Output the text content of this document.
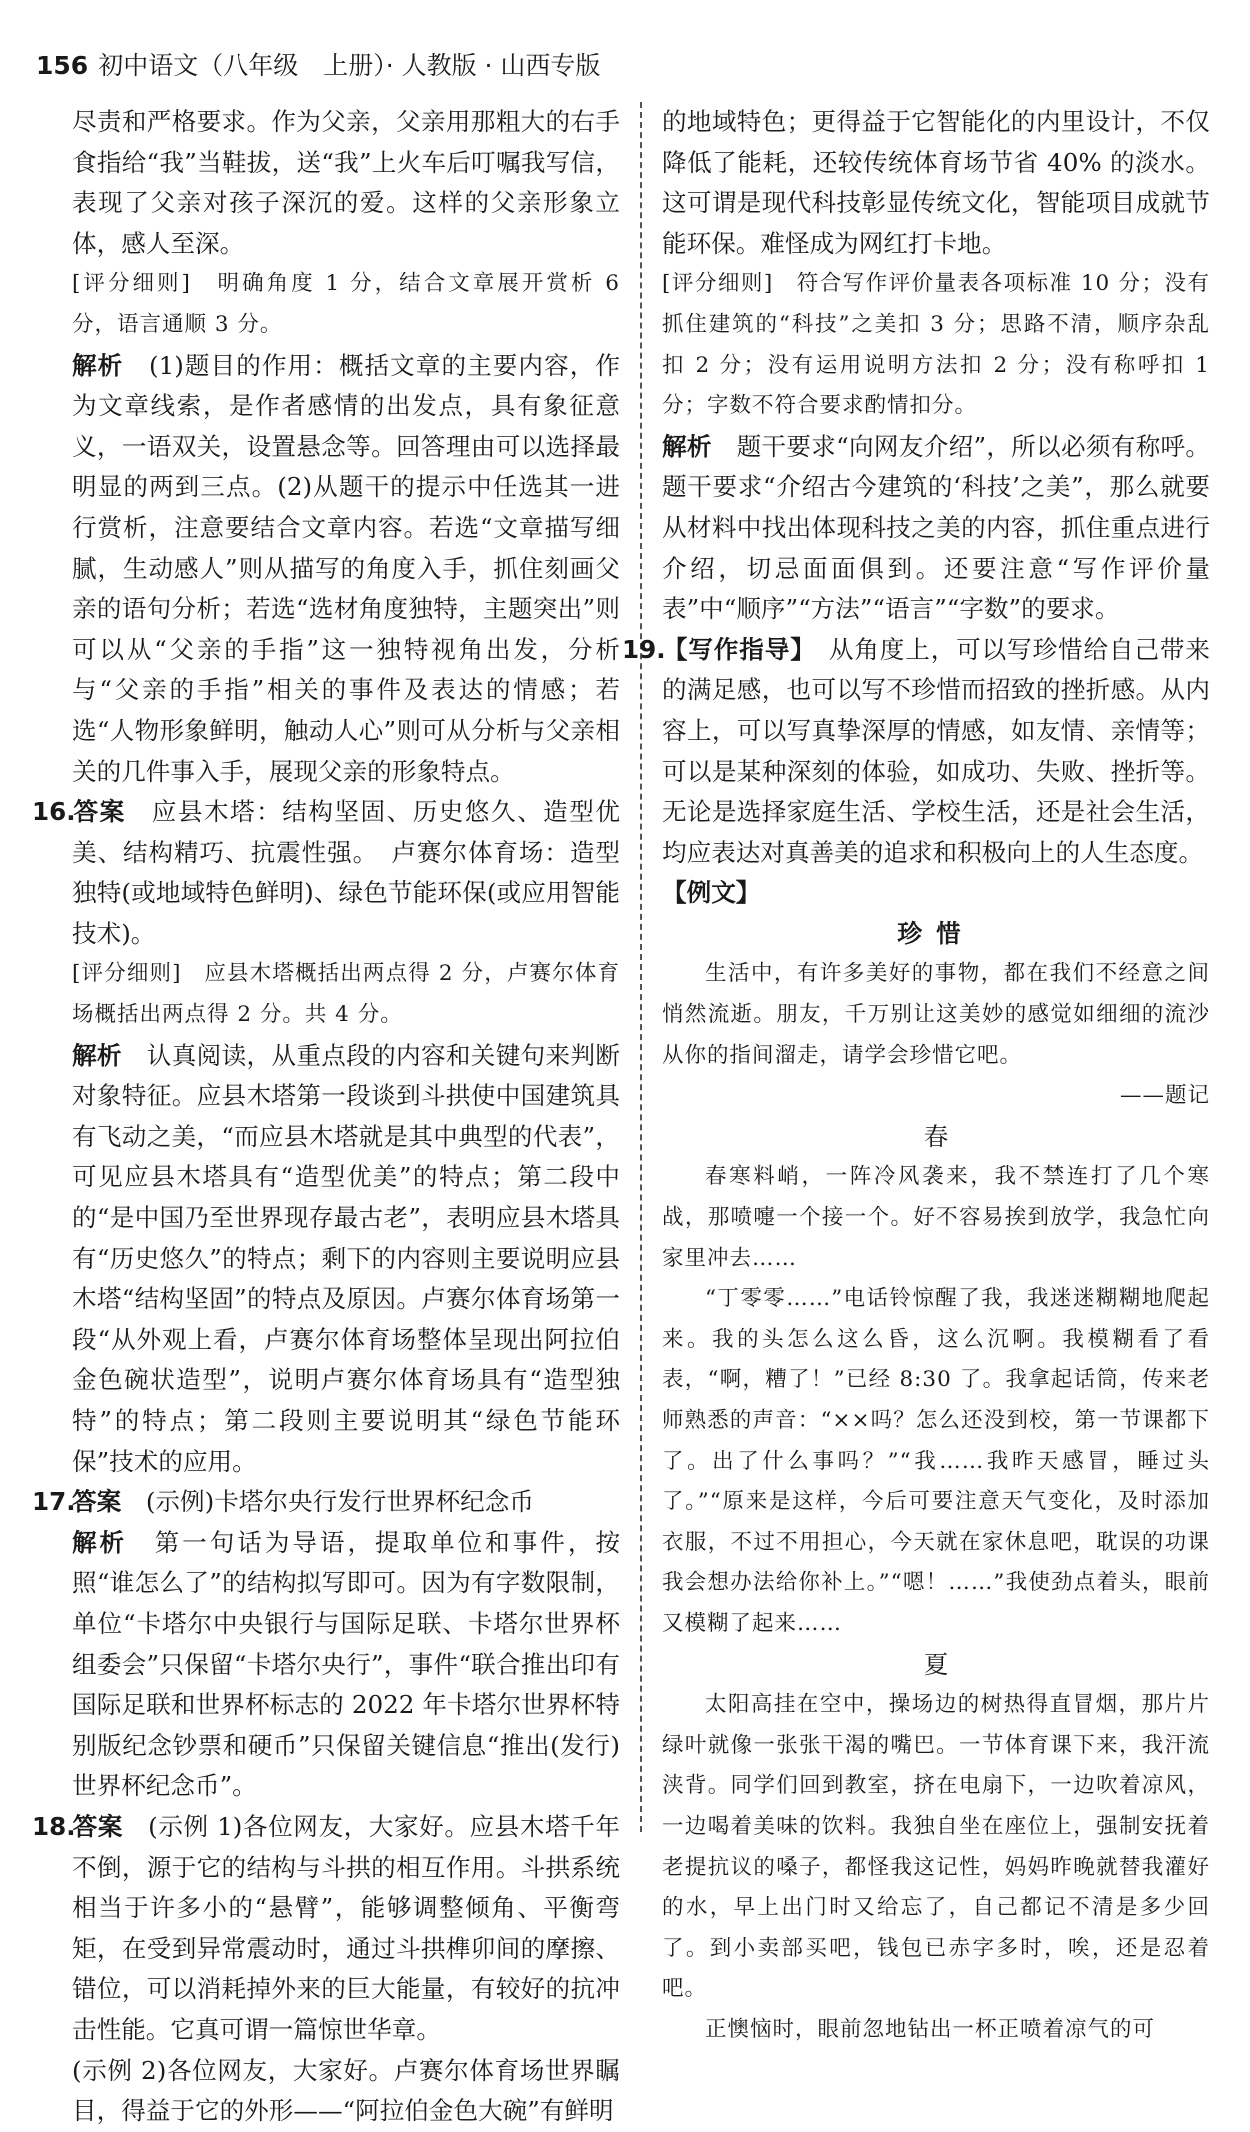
156 初中语文（八年级　上册）· 人教版 · 山西专版
尽责和严格要求。作为父亲，父亲用那粗大的右手食指给“我”当鞋拔，送“我”上火车后叮嘱我写信，表现了父亲对孩子深沉的爱。这样的父亲形象立体，感人至深。
[评分细则]　 明确角度 1 分，结合文章展开赏析 6 分，语言通顺 3 分。
解析　 (1)题目的作用：概括文章的主要内容，作为文章线索，是作者感情的出发点，具有象征意义，一语双关，设置悬念等。回答理由可以选择最明显的两到三点。(2)从题干的提示中任选其一进行赏析，注意要结合文章内容。若选“文章描写细腻，生动感人”则从描写的角度入手，抓住刻画父亲的语句分析；若选“选材角度独特，主题突出”则可以从“父亲的手指”这一独特视角出发，分析与“父亲的手指”相关的事件及表达的情感；若选“人物形象鲜明，触动人心”则可从分析与父亲相关的几件事入手，展现父亲的形象特点。
16.答案　 应县木塔：结构坚固、历史悠久、造型优美、结构精巧、抗震性强。　卢赛尔体育场：造型独特(或地域特色鲜明)、绿色节能环保(或应用智能技术)。
[评分细则]　 应县木塔概括出两点得 2 分，卢赛尔体育场概括出两点得 2 分。共 4 分。
解析　 认真阅读，从重点段的内容和关键句来判断对象特征。应县木塔第一段谈到斗拱使中国建筑具有飞动之美，“而应县木塔就是其中典型的代表”，可见应县木塔具有“造型优美”的特点；第二段中的“是中国乃至世界现存最古老”，表明应县木塔具有“历史悠久”的特点；剩下的内容则主要说明应县木塔“结构坚固”的特点及原因。卢赛尔体育场第一段“从外观上看，卢赛尔体育场整体呈现出阿拉伯金色碗状造型”，说明卢赛尔体育场具有“造型独特”的特点；第二段则主要说明其“绿色节能环保”技术的应用。
17.答案　 (示例)卡塔尔央行发行世界杯纪念币
解析　 第一句话为导语，提取单位和事件，按照“谁怎么了”的结构拟写即可。因为有字数限制，单位“卡塔尔中央银行与国际足联、卡塔尔世界杯组委会”只保留“卡塔尔央行”，事件“联合推出印有国际足联和世界杯标志的 2022 年卡塔尔世界杯特别版纪念钞票和硬币”只保留关键信息“推出(发行)世界杯纪念币”。
18.答案　 (示例 1)各位网友，大家好。应县木塔千年不倒，源于它的结构与斗拱的相互作用。斗拱系统相当于许多小的“悬臂”，能够调整倾角、平衡弯矩，在受到异常震动时，通过斗拱榫卯间的摩擦、错位，可以消耗掉外来的巨大能量，有较好的抗冲击性能。它真可谓一篇惊世华章。
(示例 2)各位网友，大家好。卢赛尔体育场世界瞩目，得益于它的外形——“阿拉伯金色大碗”有鲜明
的地域特色；更得益于它智能化的内里设计，不仅降低了能耗，还较传统体育场节省 40% 的淡水。这可谓是现代科技彰显传统文化，智能项目成就节能环保。难怪成为网红打卡地。
[评分细则]　 符合写作评价量表各项标准 10 分；没有抓住建筑的“科技”之美扣 3 分；思路不清，顺序杂乱扣 2 分；没有运用说明方法扣 2 分；没有称呼扣 1 分；字数不符合要求酌情扣分。
解析　 题干要求“向网友介绍”，所以必须有称呼。题干要求“介绍古今建筑的‘科技’之美”，那么就要从材料中找出体现科技之美的内容，抓住重点进行介绍，切忌面面俱到。还要注意“写作评价量表”中“顺序”“方法”“语言”“字数”的要求。
19.【写作指导】　 从角度上，可以写珍惜给自己带来的满足感，也可以写不珍惜而招致的挫折感。从内容上，可以写真挚深厚的情感，如友情、亲情等；可以是某种深刻的体验，如成功、失败、挫折等。无论是选择家庭生活、学校生活，还是社会生活，均应表达对真善美的追求和积极向上的人生态度。
【例文】
珍惜
生活中，有许多美好的事物，都在我们不经意之间悄然流逝。朋友，千万别让这美妙的感觉如细细的流沙从你的指间溜走，请学会珍惜它吧。
——题记
春
春寒料峭，一阵冷风袭来，我不禁连打了几个寒战，那喷嚏一个接一个。好不容易挨到放学，我急忙向家里冲去……
“丁零零……”电话铃惊醒了我，我迷迷糊糊地爬起来。我的头怎么这么昏，这么沉啊。我模糊看了看表，“啊，糟了！”已经 8:30 了。我拿起话筒，传来老师熟悉的声音：“××吗？怎么还没到校，第一节课都下了。出了什么事吗？”“我……我昨天感冒，睡过头了。”“原来是这样，今后可要注意天气变化，及时添加衣服，不过不用担心，今天就在家休息吧，耽误的功课我会想办法给你补上。”“嗯！……”我使劲点着头，眼前又模糊了起来……
夏
太阳高挂在空中，操场边的树热得直冒烟，那片片绿叶就像一张张干渴的嘴巴。一节体育课下来，我汗流浃背。同学们回到教室，挤在电扇下，一边吹着凉风，一边喝着美味的饮料。我独自坐在座位上，强制安抚着老提抗议的嗓子，都怪我这记性，妈妈昨晚就替我灌好的水，早上出门时又给忘了，自己都记不清是多少回了。到小卖部买吧，钱包已赤字多时，唉，还是忍着吧。
正懊恼时，眼前忽地钻出一杯正喷着凉气的可
